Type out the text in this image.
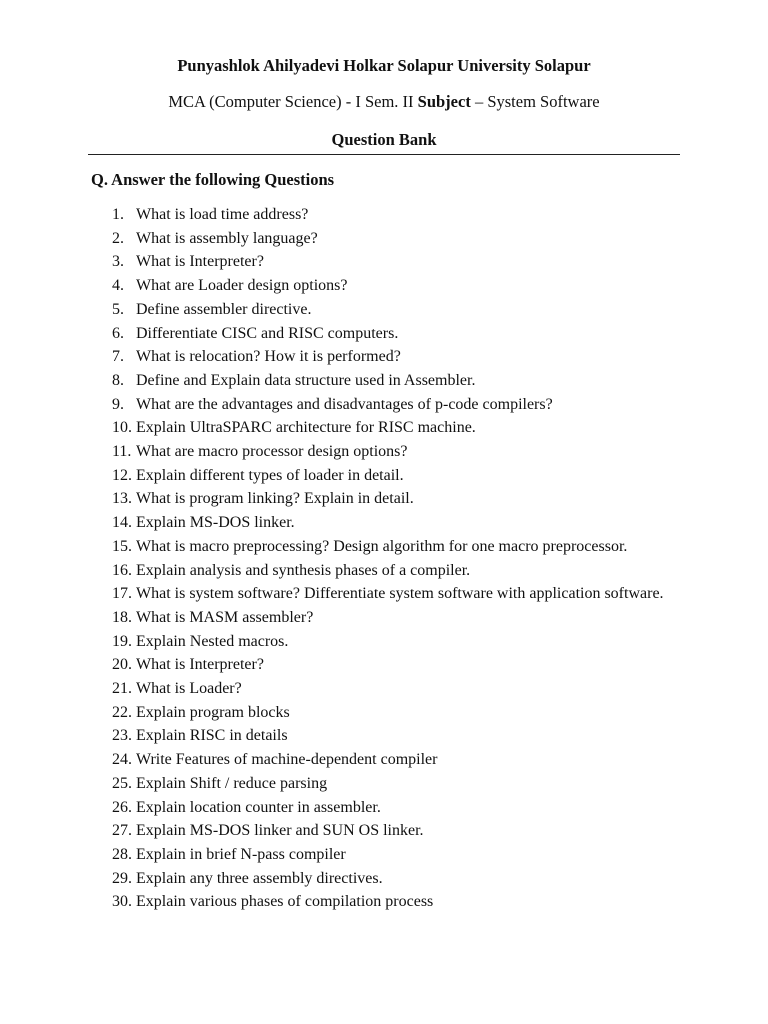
Punyashlok Ahilyadevi Holkar Solapur University Solapur
MCA (Computer Science) - I Sem. II Subject – System Software
Question Bank
Q. Answer the following Questions
1. What is load time address?
2. What is assembly language?
3. What is Interpreter?
4. What are Loader design options?
5. Define assembler directive.
6. Differentiate CISC and RISC computers.
7. What is relocation? How it is performed?
8. Define and Explain data structure used in Assembler.
9. What are the advantages and disadvantages of p-code compilers?
10. Explain UltraSPARC architecture for RISC machine.
11. What are macro processor design options?
12. Explain different types of loader in detail.
13. What is program linking? Explain in detail.
14. Explain MS-DOS linker.
15. What is macro preprocessing? Design algorithm for one macro preprocessor.
16. Explain analysis and synthesis phases of a compiler.
17. What is system software? Differentiate system software with application software.
18. What is MASM assembler?
19. Explain Nested macros.
20. What is Interpreter?
21. What is Loader?
22. Explain program blocks
23. Explain RISC in details
24. Write Features of machine-dependent compiler
25. Explain Shift / reduce parsing
26. Explain location counter in assembler.
27. Explain MS-DOS linker and SUN OS linker.
28. Explain in brief N-pass compiler
29. Explain any three assembly directives.
30. Explain various phases of compilation process
